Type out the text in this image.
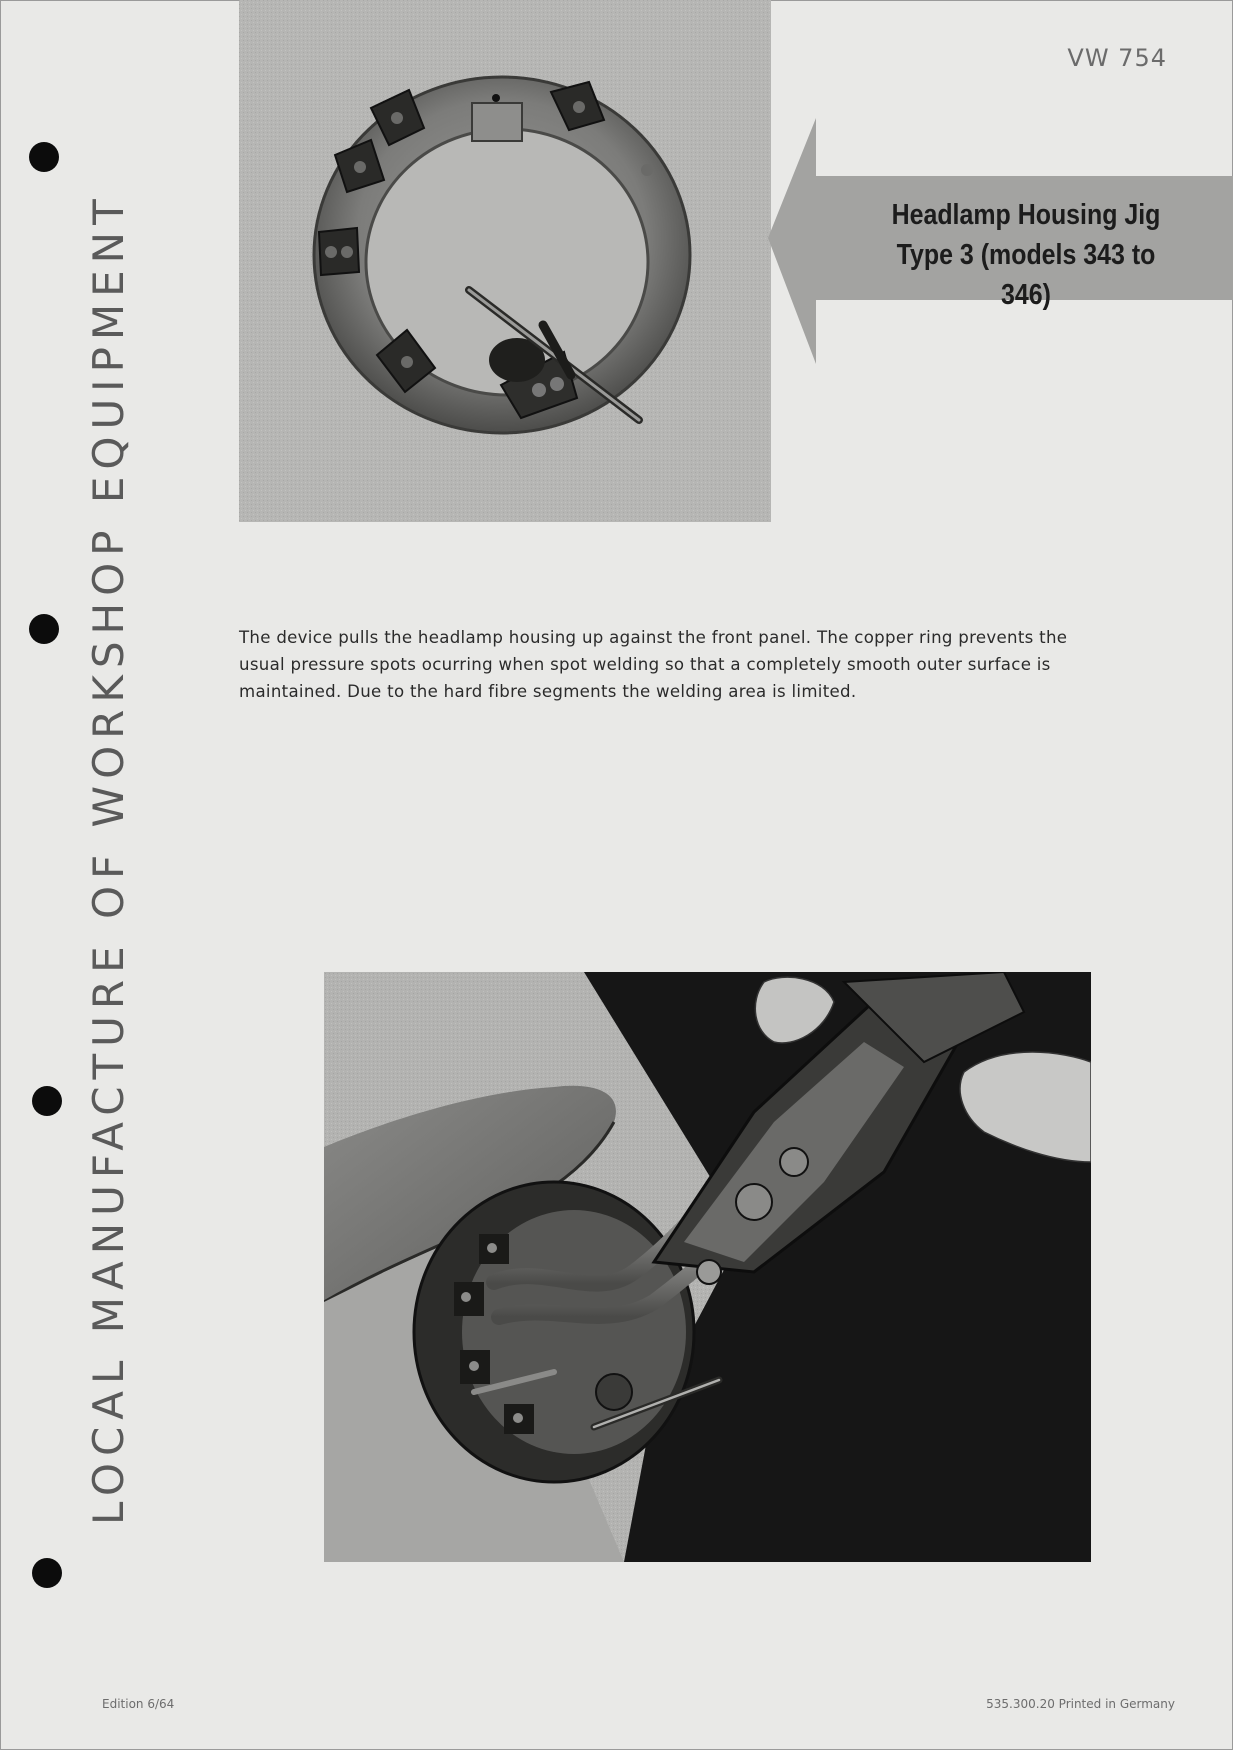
LOCAL MANUFACTURE OF WORKSHOP EQUIPMENT
VW 754
Headlamp Housing Jig
Type 3 (models 343 to 346)
The device pulls the headlamp housing up against the front panel. The copper ring prevents the usual pressure spots ocurring when spot welding so that a completely smooth outer surface is maintained. Due to the hard fibre segments the welding area is limited.
Edition 6/64	535.300.20 Printed in Germany
